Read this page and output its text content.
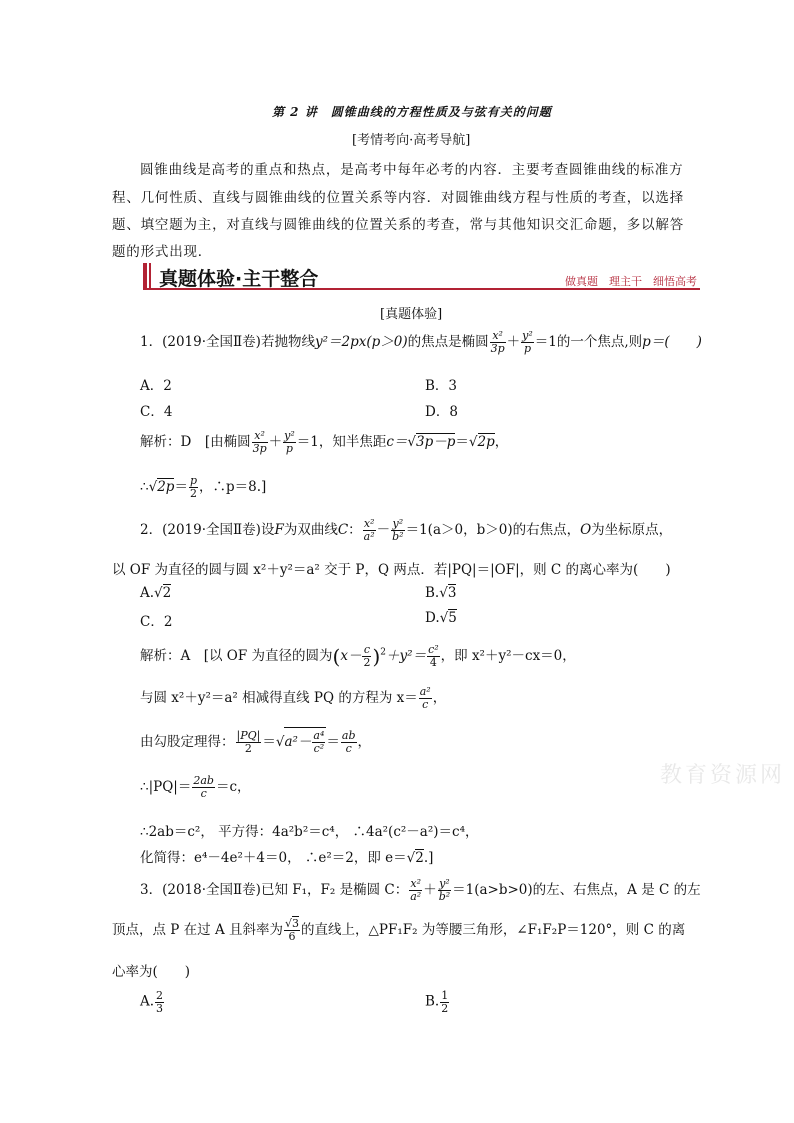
第 2 讲　圆锥曲线的方程性质及与弦有关的问题
[考情考向·高考导航]
圆锥曲线是高考的重点和热点，是高考中每年必考的内容．主要考查圆锥曲线的标准方
程、几何性质、直线与圆锥曲线的位置关系等内容．对圆锥曲线方程与性质的考查，以选择
题、填空题为主，对直线与圆锥曲线的位置关系的考查，常与其他知识交汇命题，多以解答
题的形式出现．
真题体验·主干整合	做真题　理主干　细悟高考
[真题体验]
1．(2019·全国Ⅱ卷)若抛物线y²＝2px(p＞0)的焦点是椭圆 $\frac{\text{x²}}{3p} + \frac{\text{y²}}{p} =1$的一个焦点,则p＝(　　)
A．2	B．3
C．4	D．8
解析：D　[由椭圆 $\frac{\text{x²}}{3p} + \frac{\text{y²}}{p} =1$，知半焦距c＝√3p－p＝√2p，
∴√2p＝ $\frac{p}{2}$ ，∴p＝8.]
2．(2019·全国Ⅱ卷)设F为双曲线C： $\frac{\text{x²}}{\text{a²}} - \frac{\text{y²}}{\text{b²}} =1(a>0$，b＞0)的右焦点，O为坐标原点，
以 OF 为直径的圆与圆 x²＋y²＝a² 交于 P，Q 两点．若|PQ|＝|OF|，则 C 的离心率为(　　)
A.√2	B.√3
C．2	D.√5
解析：A　[以 OF 为直径的圆为$(x- \frac{c}{2} )^2+y^2= \frac{\text{c²}}{4}$ ，即 x²＋y²－cx＝0，
与圆 x²＋y²＝a² 相减得直线 PQ 的方程为 $x= \frac{\text{a²}}{c}$ ，
由勾股定理得： $\frac{|PQ|}{2} =√a^2- \frac{\text{a⁴}}{\text{c²}} = \frac{ab}{c}$ ，
∴|PQ|＝ $\frac{2ab}{c} =c$，
∴2ab＝c²， 平方得：4a²b²＝c⁴， ∴4a²(c²－a²)＝c⁴，
化简得：e⁴－4e²＋4＝0， ∴e²＝2，即 e＝√2.]
教育资源网
3．(2018·全国Ⅱ卷)已知 F₁，F₂ 是椭圆 C： $\frac{\text{x²}}{\text{a²}} + \frac{\text{y²}}{\text{b²}} =1(a>b>0)$的左、右焦点，A 是 C 的左
顶点，点 P 在过 A 且斜率为 $\frac{√3}{6}$ 的直线上，△PF₁F₂ 为等腰三角形，∠F₁F₂P＝120°，则 C 的离
心率为(　　)
A. $\frac{2}{3}$	B. $\frac{1}{2}$
